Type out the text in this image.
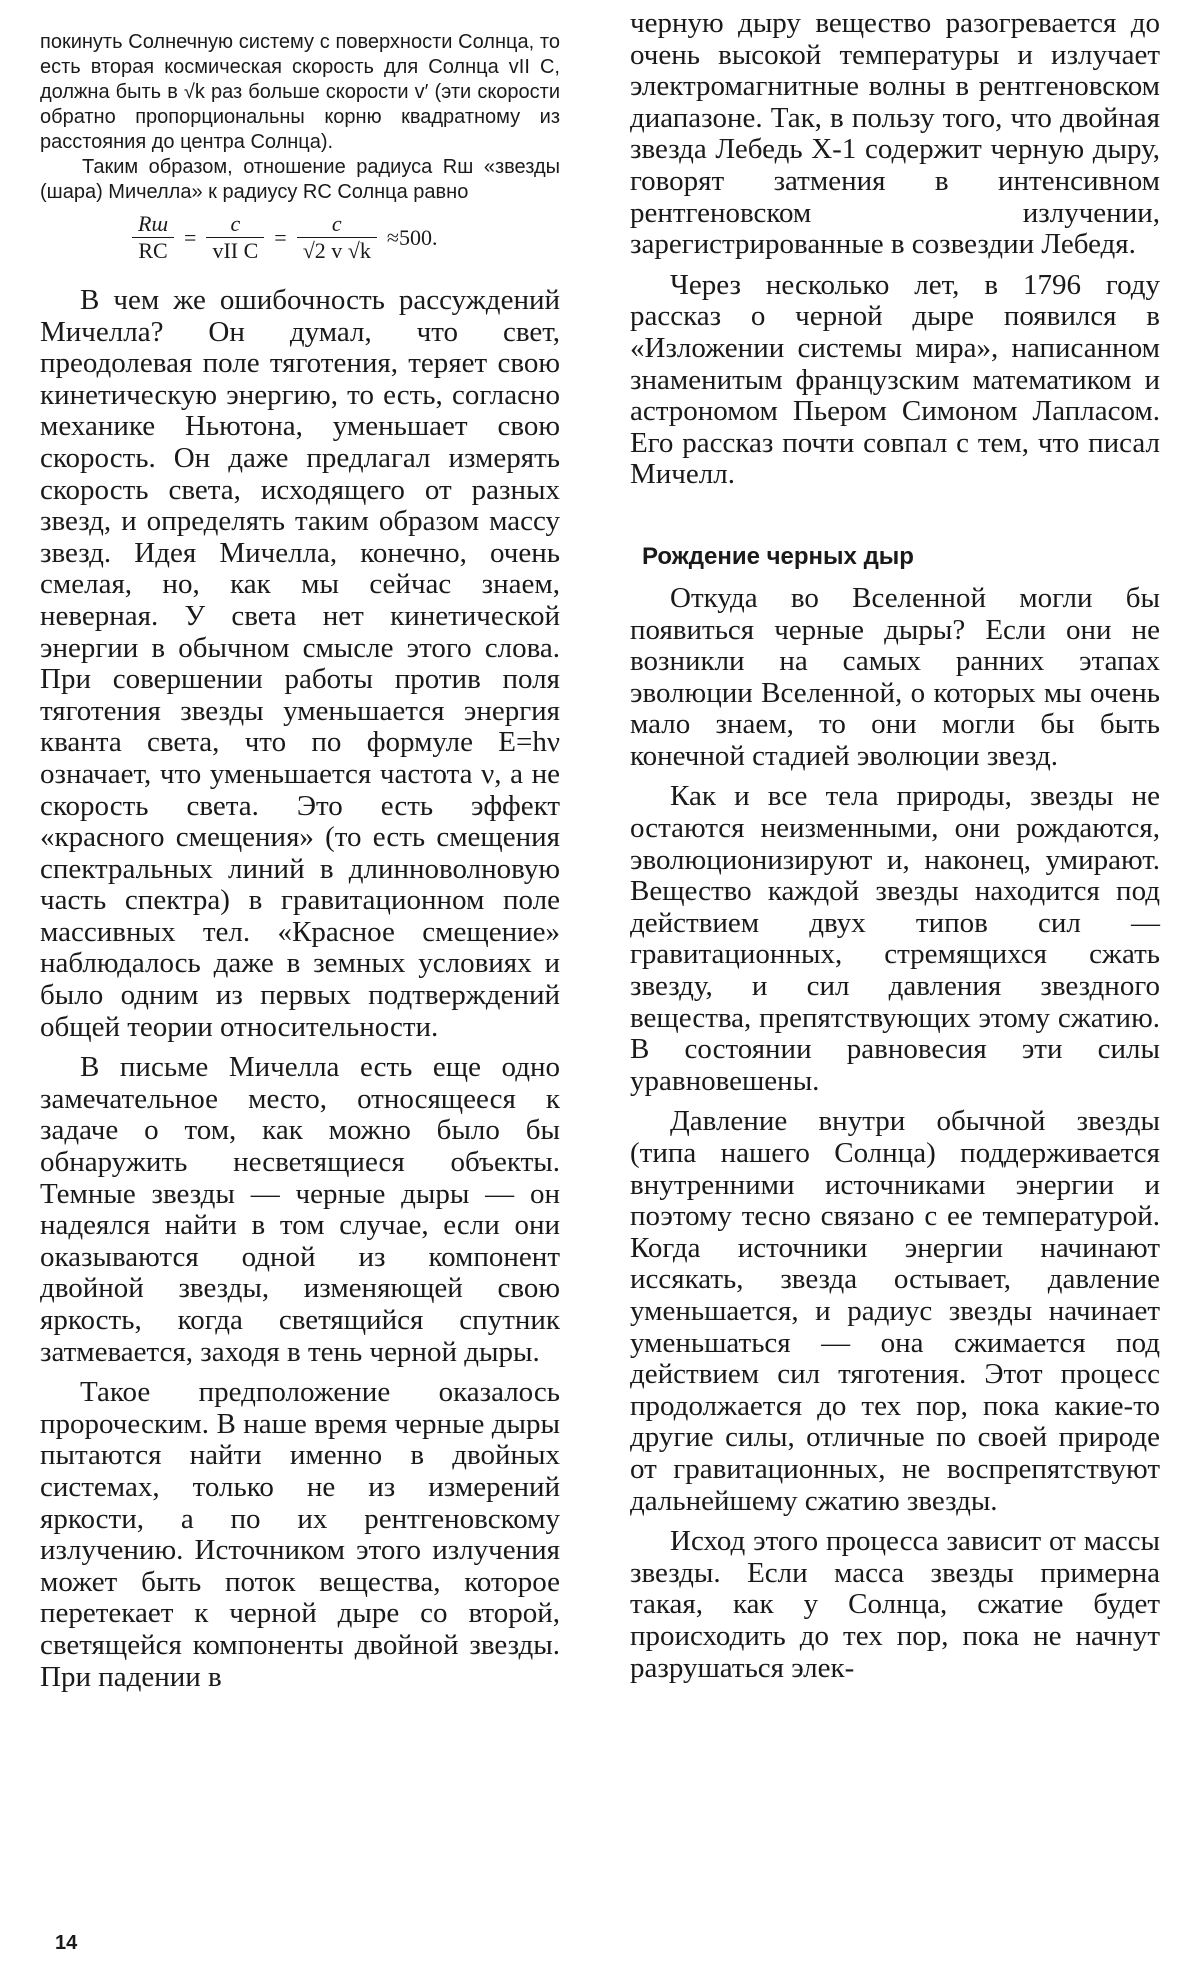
покинуть Солнечную систему с поверхности Солнца, то есть вторая космическая скорость для Солнца vII C, должна быть в √k раз больше скорости v′ (эти скорости обратно пропорциональны корню квадратному из расстояния до центра Солнца).

Таким образом, отношение радиуса Rш «звезды (шара) Мичелла» к радиусу RC Солнца равно

$\frac{Rш}{RC} = \frac{c}{\text{vII C}} = \frac{c}{√2 v √k} \approx 500$.

В чем же ошибочность рассуждений Мичелла? Он думал, что свет, преодолевая поле тяготения, теряет свою кинетическую энергию, то есть, согласно механике Ньютона, уменьшает свою скорость. Он даже предлагал измерять скорость света, исходящего от разных звезд, и определять таким образом массу звезд. Идея Мичелла, конечно, очень смелая, но, как мы сейчас знаем, неверная. У света нет кинетической энергии в обычном смысле этого слова. При совершении работы против поля тяготения звезды уменьшается энергия кванта света, что по формуле E=hν означает, что уменьшается частота ν, а не скорость света. Это есть эффект «красного смещения» (то есть смещения спектральных линий в длинноволновую часть спектра) в гравитационном поле массивных тел. «Красное смещение» наблюдалось даже в земных условиях и было одним из первых подтверждений общей теории относительности.

В письме Мичелла есть еще одно замечательное место, относящееся к задаче о том, как можно было бы обнаружить несветящиеся объекты. Темные звезды — черные дыры — он надеялся найти в том случае, если они оказываются одной из компонент двойной звезды, изменяющей свою яркость, когда светящийся спутник затмевается, заходя в тень черной дыры.

Такое предположение оказалось пророческим. В наше время черные дыры пытаются найти именно в двойных системах, только не из измерений яркости, а по их рентгеновскому излучению. Источником этого излучения может быть поток вещества, которое перетекает к черной дыре со второй, светящейся компоненты двойной звезды. При падении в

черную дыру вещество разогревается до очень высокой температуры и излучает электромагнитные волны в рентгеновском диапазоне. Так, в пользу того, что двойная звезда Лебедь X-1 содержит черную дыру, говорят затмения в интенсивном рентгеновском излучении, зарегистрированные в созвездии Лебедя.

Через несколько лет, в 1796 году рассказ о черной дыре появился в «Изложении системы мира», написанном знаменитым французским математиком и астрономом Пьером Симоном Лапласом. Его рассказ почти совпал с тем, что писал Мичелл.

Рождение черных дыр

Откуда во Вселенной могли бы появиться черные дыры? Если они не возникли на самых ранних этапах эволюции Вселенной, о которых мы очень мало знаем, то они могли бы быть конечной стадией эволюции звезд.

Как и все тела природы, звезды не остаются неизменными, они рождаются, эволюционизируют и, наконец, умирают. Вещество каждой звезды находится под действием двух типов сил — гравитационных, стремящихся сжать звезду, и сил давления звездного вещества, препятствующих этому сжатию. В состоянии равновесия эти силы уравновешены.

Давление внутри обычной звезды (типа нашего Солнца) поддерживается внутренними источниками энергии и поэтому тесно связано с ее температурой. Когда источники энергии начинают иссякать, звезда остывает, давление уменьшается, и радиус звезды начинает уменьшаться — она сжимается под действием сил тяготения. Этот процесс продолжается до тех пор, пока какие-то другие силы, отличные по своей природе от гравитационных, не воспрепятствуют дальнейшему сжатию звезды.

Исход этого процесса зависит от массы звезды. Если масса звезды примерна такая, как у Солнца, сжатие будет происходить до тех пор, пока не начнут разрушаться элек-

14
